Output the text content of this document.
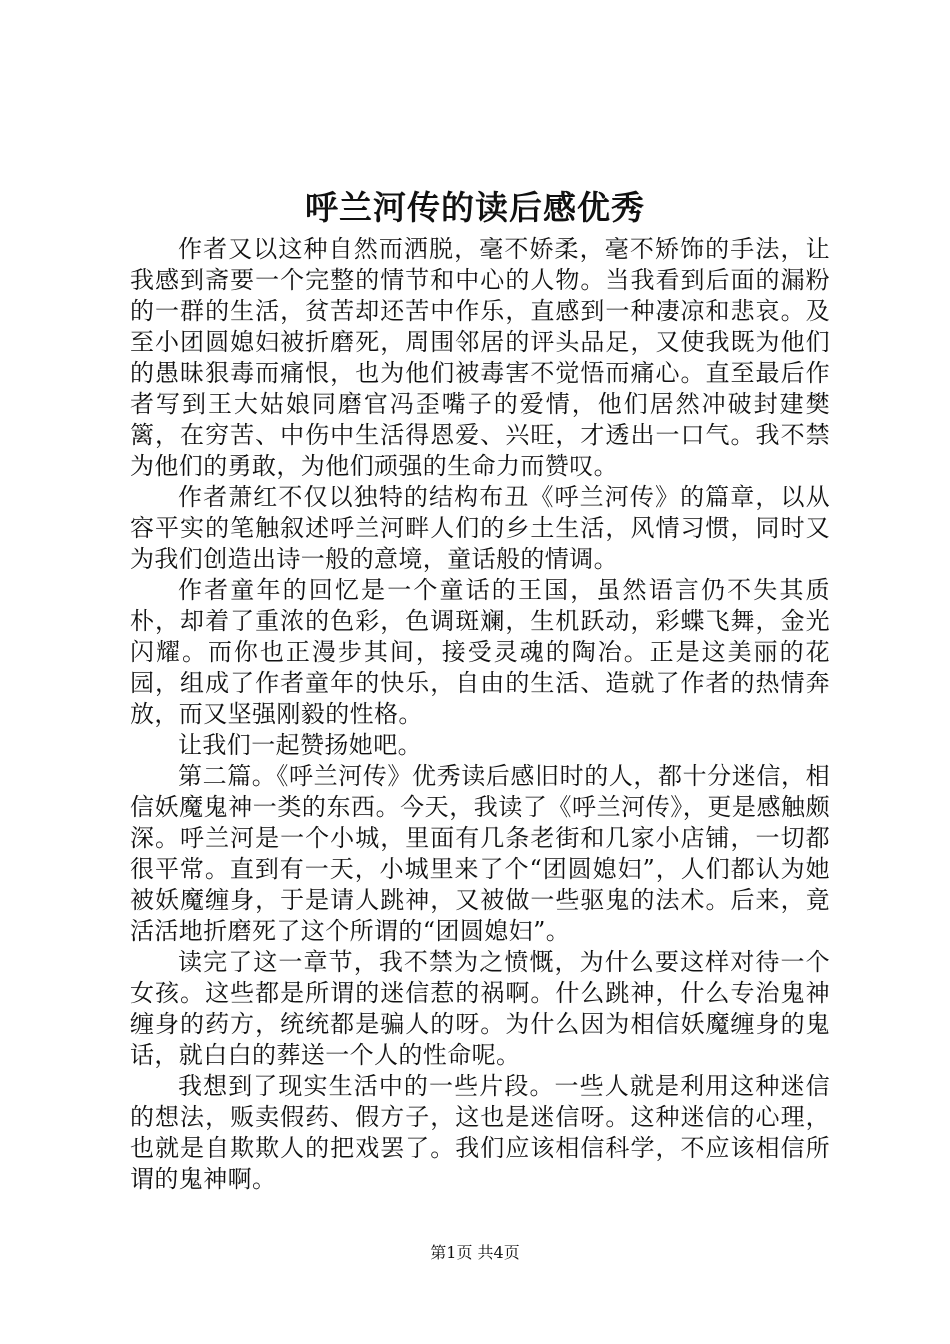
呼兰河传的读后感优秀

作者又以这种自然而洒脱，毫不娇柔，毫不矫饰的手法，让我感到斋要一个完整的情节和中心的人物。当我看到后面的漏粉的一群的生活，贫苦却还苦中作乐，直感到一种凄凉和悲哀。及至小团圆媳妇被折磨死，周围邻居的评头品足，又使我既为他们的愚昧狠毒而痛恨，也为他们被毒害不觉悟而痛心。直至最后作者写到王大姑娘同磨官冯歪嘴子的爱情，他们居然冲破封建樊篱，在穷苦、中伤中生活得恩爱、兴旺，才透出一口气。我不禁为他们的勇敢，为他们顽强的生命力而赞叹。

作者萧红不仅以独特的结构布丑《呼兰河传》的篇章，以从容平实的笔触叙述呼兰河畔人们的乡土生活，风情习惯，同时又为我们创造出诗一般的意境，童话般的情调。

作者童年的回忆是一个童话的王国，虽然语言仍不失其质朴，却着了重浓的色彩，色调斑斓，生机跃动，彩蝶飞舞，金光闪耀。而你也正漫步其间，接受灵魂的陶冶。正是这美丽的花园，组成了作者童年的快乐，自由的生活、造就了作者的热情奔放，而又坚强刚毅的性格。

让我们一起赞扬她吧。

第二篇。《呼兰河传》优秀读后感旧时的人，都十分迷信，相信妖魔鬼神一类的东西。今天，我读了《呼兰河传》，更是感触颇深。呼兰河是一个小城，里面有几条老街和几家小店铺，一切都很平常。直到有一天，小城里来了个“团圆媳妇”，人们都认为她被妖魔缠身，于是请人跳神，又被做一些驱鬼的法术。后来，竟活活地折磨死了这个所谓的“团圆媳妇”。

读完了这一章节，我不禁为之愤慨，为什么要这样对待一个女孩。这些都是所谓的迷信惹的祸啊。什么跳神，什么专治鬼神缠身的药方，统统都是骗人的呀。为什么因为相信妖魔缠身的鬼话，就白白的葬送一个人的性命呢。

我想到了现实生活中的一些片段。一些人就是利用这种迷信的想法，贩卖假药、假方子，这也是迷信呀。这种迷信的心理，也就是自欺欺人的把戏罢了。我们应该相信科学，不应该相信所谓的鬼神啊。

第1页 共4页
